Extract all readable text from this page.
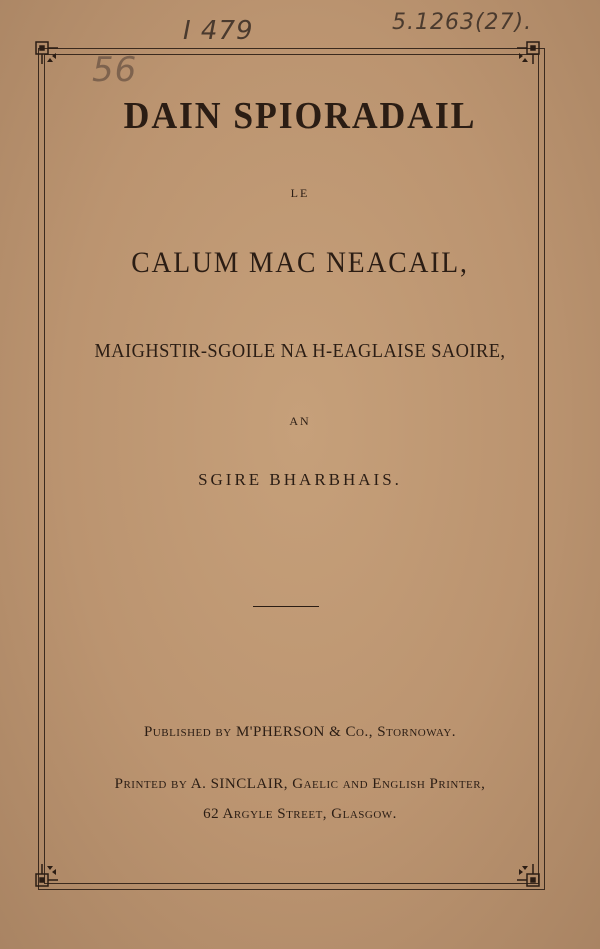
I 479	5.1263(27).
56
DAIN SPIORADAIL
LE
CALUM MAC NEACAIL,
MAIGHSTIR-SGOILE NA H-EAGLAISE SAOIRE,
AN
SGIRE BHARBHAIS.
Published by M'PHERSON & Co., Stornoway.
Printed by A. SINCLAIR, Gaelic and English Printer,
62 Argyle Street, Glasgow.
